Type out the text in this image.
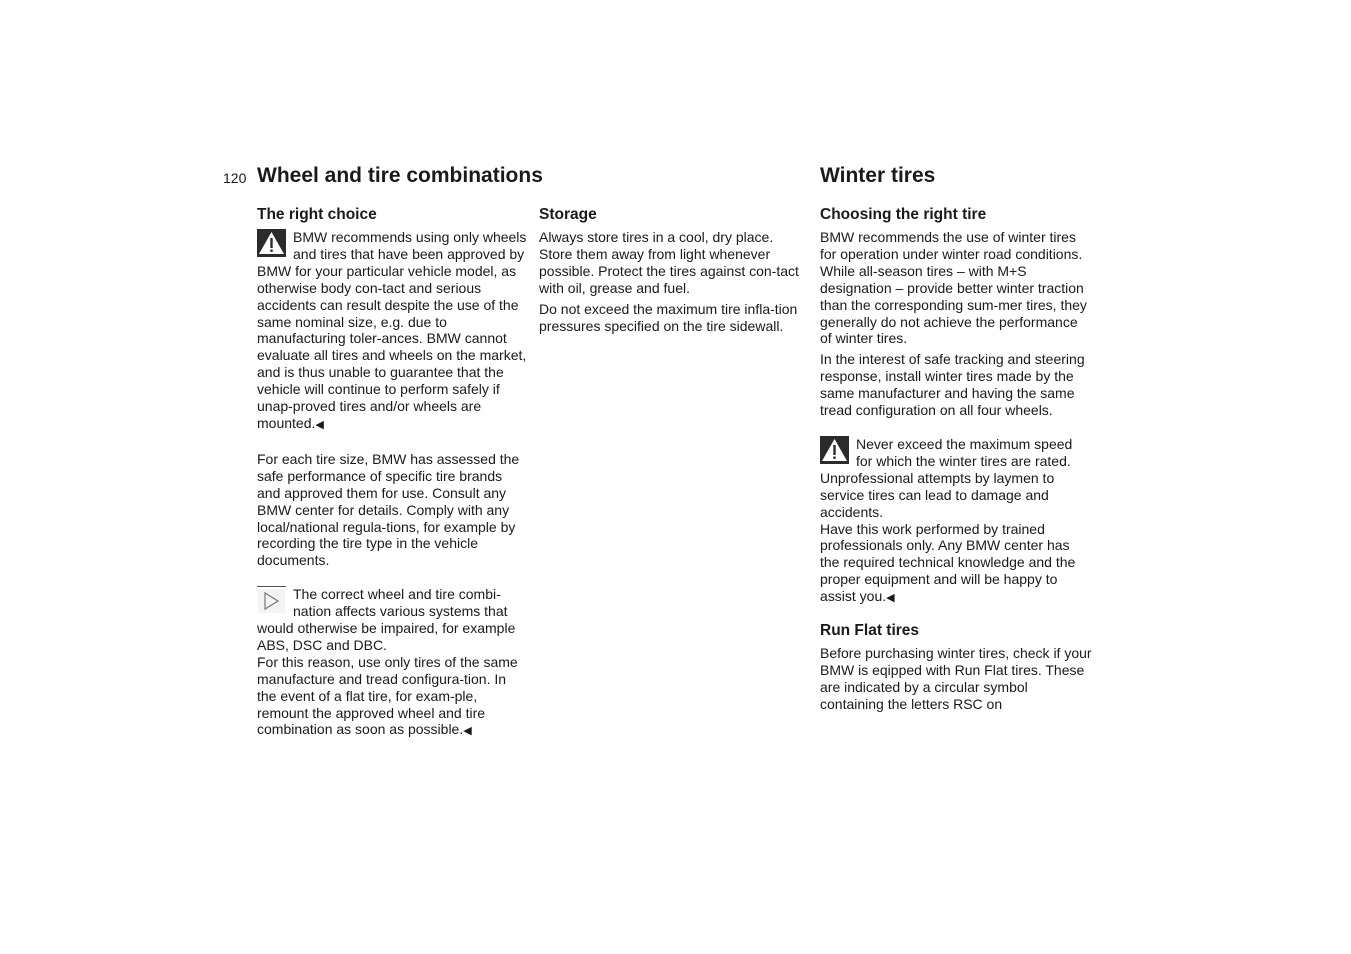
120 Wheel and tire combinations	Winter tires
The right choice

BMW recommends using only wheels and tires that have been approved by BMW for your particular vehicle model, as otherwise body con-tact and serious accidents can result despite the use of the same nominal size, e.g. due to manufacturing toler-ances. BMW cannot evaluate all tires and wheels on the market, and is thus unable to guarantee that the vehicle will continue to perform safely if unap-proved tires and/or wheels are mounted.◀

For each tire size, BMW has assessed the safe performance of specific tire brands and approved them for use. Consult any BMW center for details. Comply with any local/national regula-tions, for example by recording the tire type in the vehicle documents.

The correct wheel and tire combi-nation affects various systems that would otherwise be impaired, for example ABS, DSC and DBC.

For this reason, use only tires of the same manufacture and tread configura-tion. In the event of a flat tire, for exam-ple, remount the approved wheel and tire combination as soon as possible.◀

Storage

Always store tires in a cool, dry place. Store them away from light whenever possible. Protect the tires against con-tact with oil, grease and fuel.

Do not exceed the maximum tire infla-tion pressures specified on the tire sidewall.

Choosing the right tire

BMW recommends the use of winter tires for operation under winter road conditions. While all-season tires – with M+S designation – provide better winter traction than the corresponding sum-mer tires, they generally do not achieve the performance of winter tires.

In the interest of safe tracking and steering response, install winter tires made by the same manufacturer and having the same tread configuration on all four wheels.

Never exceed the maximum speed for which the winter tires are rated.

Unprofessional attempts by laymen to service tires can lead to damage and accidents.

Have this work performed by trained professionals only. Any BMW center has the required technical knowledge and the proper equipment and will be happy to assist you.◀

Run Flat tires

Before purchasing winter tires, check if your BMW is eqipped with Run Flat tires. These are indicated by a circular symbol containing the letters RSC on
